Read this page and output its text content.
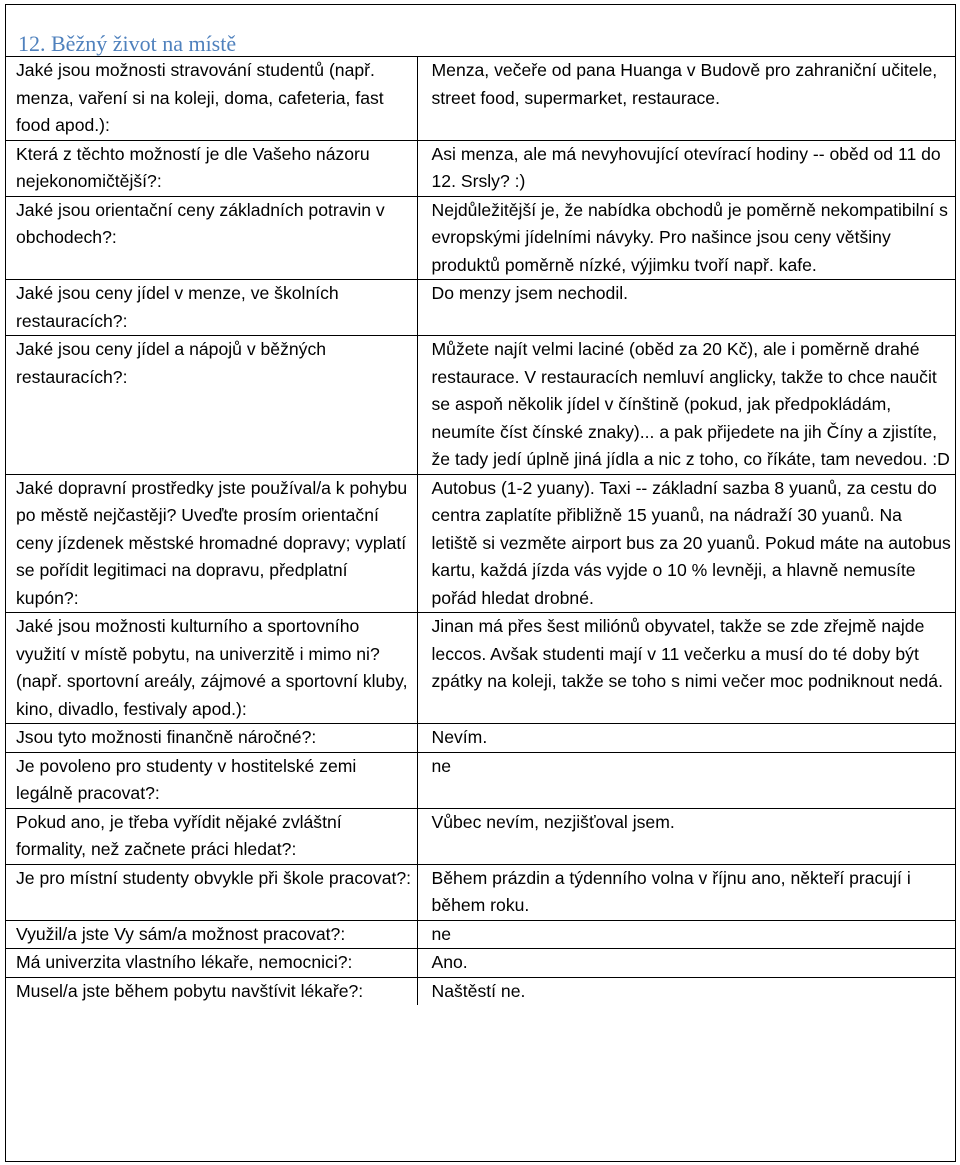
12. Běžný život na místě
Jaké jsou možnosti stravování studentů (např. menza, vaření si na koleji, doma, cafeteria, fast food apod.):	Menza, večeře od pana Huanga v Budově pro zahraniční učitele, street food, supermarket, restaurace.
Která z těchto možností je dle Vašeho názoru nejekonomičtější?:	Asi menza, ale má nevyhovující otevírací hodiny -- oběd od 11 do 12. Srsly? :)
Jaké jsou orientační ceny základních potravin v obchodech?:	Nejdůležitější je, že nabídka obchodů je poměrně nekompatibilní s evropskými jídelními návyky. Pro našince jsou ceny většiny produktů poměrně nízké, výjimku tvoří např. kafe.
Jaké jsou ceny jídel v menze, ve školních restauracích?:	Do menzy jsem nechodil.
Jaké jsou ceny jídel a nápojů v běžných restauracích?:	Můžete najít velmi laciné (oběd za 20 Kč), ale i poměrně drahé restaurace. V restauracích nemluví anglicky, takže to chce naučit se aspoň několik jídel v čínštině (pokud, jak předpokládám, neumíte číst čínské znaky)... a pak přijedete na jih Číny a zjistíte, že tady jedí úplně jiná jídla a nic z toho, co říkáte, tam nevedou. :D
Jaké dopravní prostředky jste používal/a k pohybu po městě nejčastěji? Uveďte prosím orientační ceny jízdenek městské hromadné dopravy; vyplatí se pořídit legitimaci na dopravu, předplatní kupón?:	Autobus (1-2 yuany). Taxi -- základní sazba 8 yuanů, za cestu do centra zaplatíte přibližně 15 yuanů, na nádraží 30 yuanů. Na letiště si vezměte airport bus za 20 yuanů. Pokud máte na autobus kartu, každá jízda vás vyjde o 10 % levněji, a hlavně nemusíte pořád hledat drobné.
Jaké jsou možnosti kulturního a sportovního využití v místě pobytu, na univerzitě i mimo ni? (např. sportovní areály, zájmové a sportovní kluby, kino, divadlo, festivaly apod.):	Jinan má přes šest miliónů obyvatel, takže se zde zřejmě najde leccos. Avšak studenti mají v 11 večerku a musí do té doby být zpátky na koleji, takže se toho s nimi večer moc podniknout nedá.
Jsou tyto možnosti finančně náročné?:	Nevím.
Je povoleno pro studenty v hostitelské zemi legálně pracovat?:	ne
Pokud ano, je třeba vyřídit nějaké zvláštní formality, než začnete práci hledat?:	Vůbec nevím, nezjišťoval jsem.
Je pro místní studenty obvykle při škole pracovat?:	Během prázdin a týdenního volna v říjnu ano, někteří pracují i během roku.
Využil/a jste Vy sám/a možnost pracovat?:	ne
Má univerzita vlastního lékaře, nemocnici?:	Ano.
Musel/a jste během pobytu navštívit lékaře?:	Naštěstí ne.
